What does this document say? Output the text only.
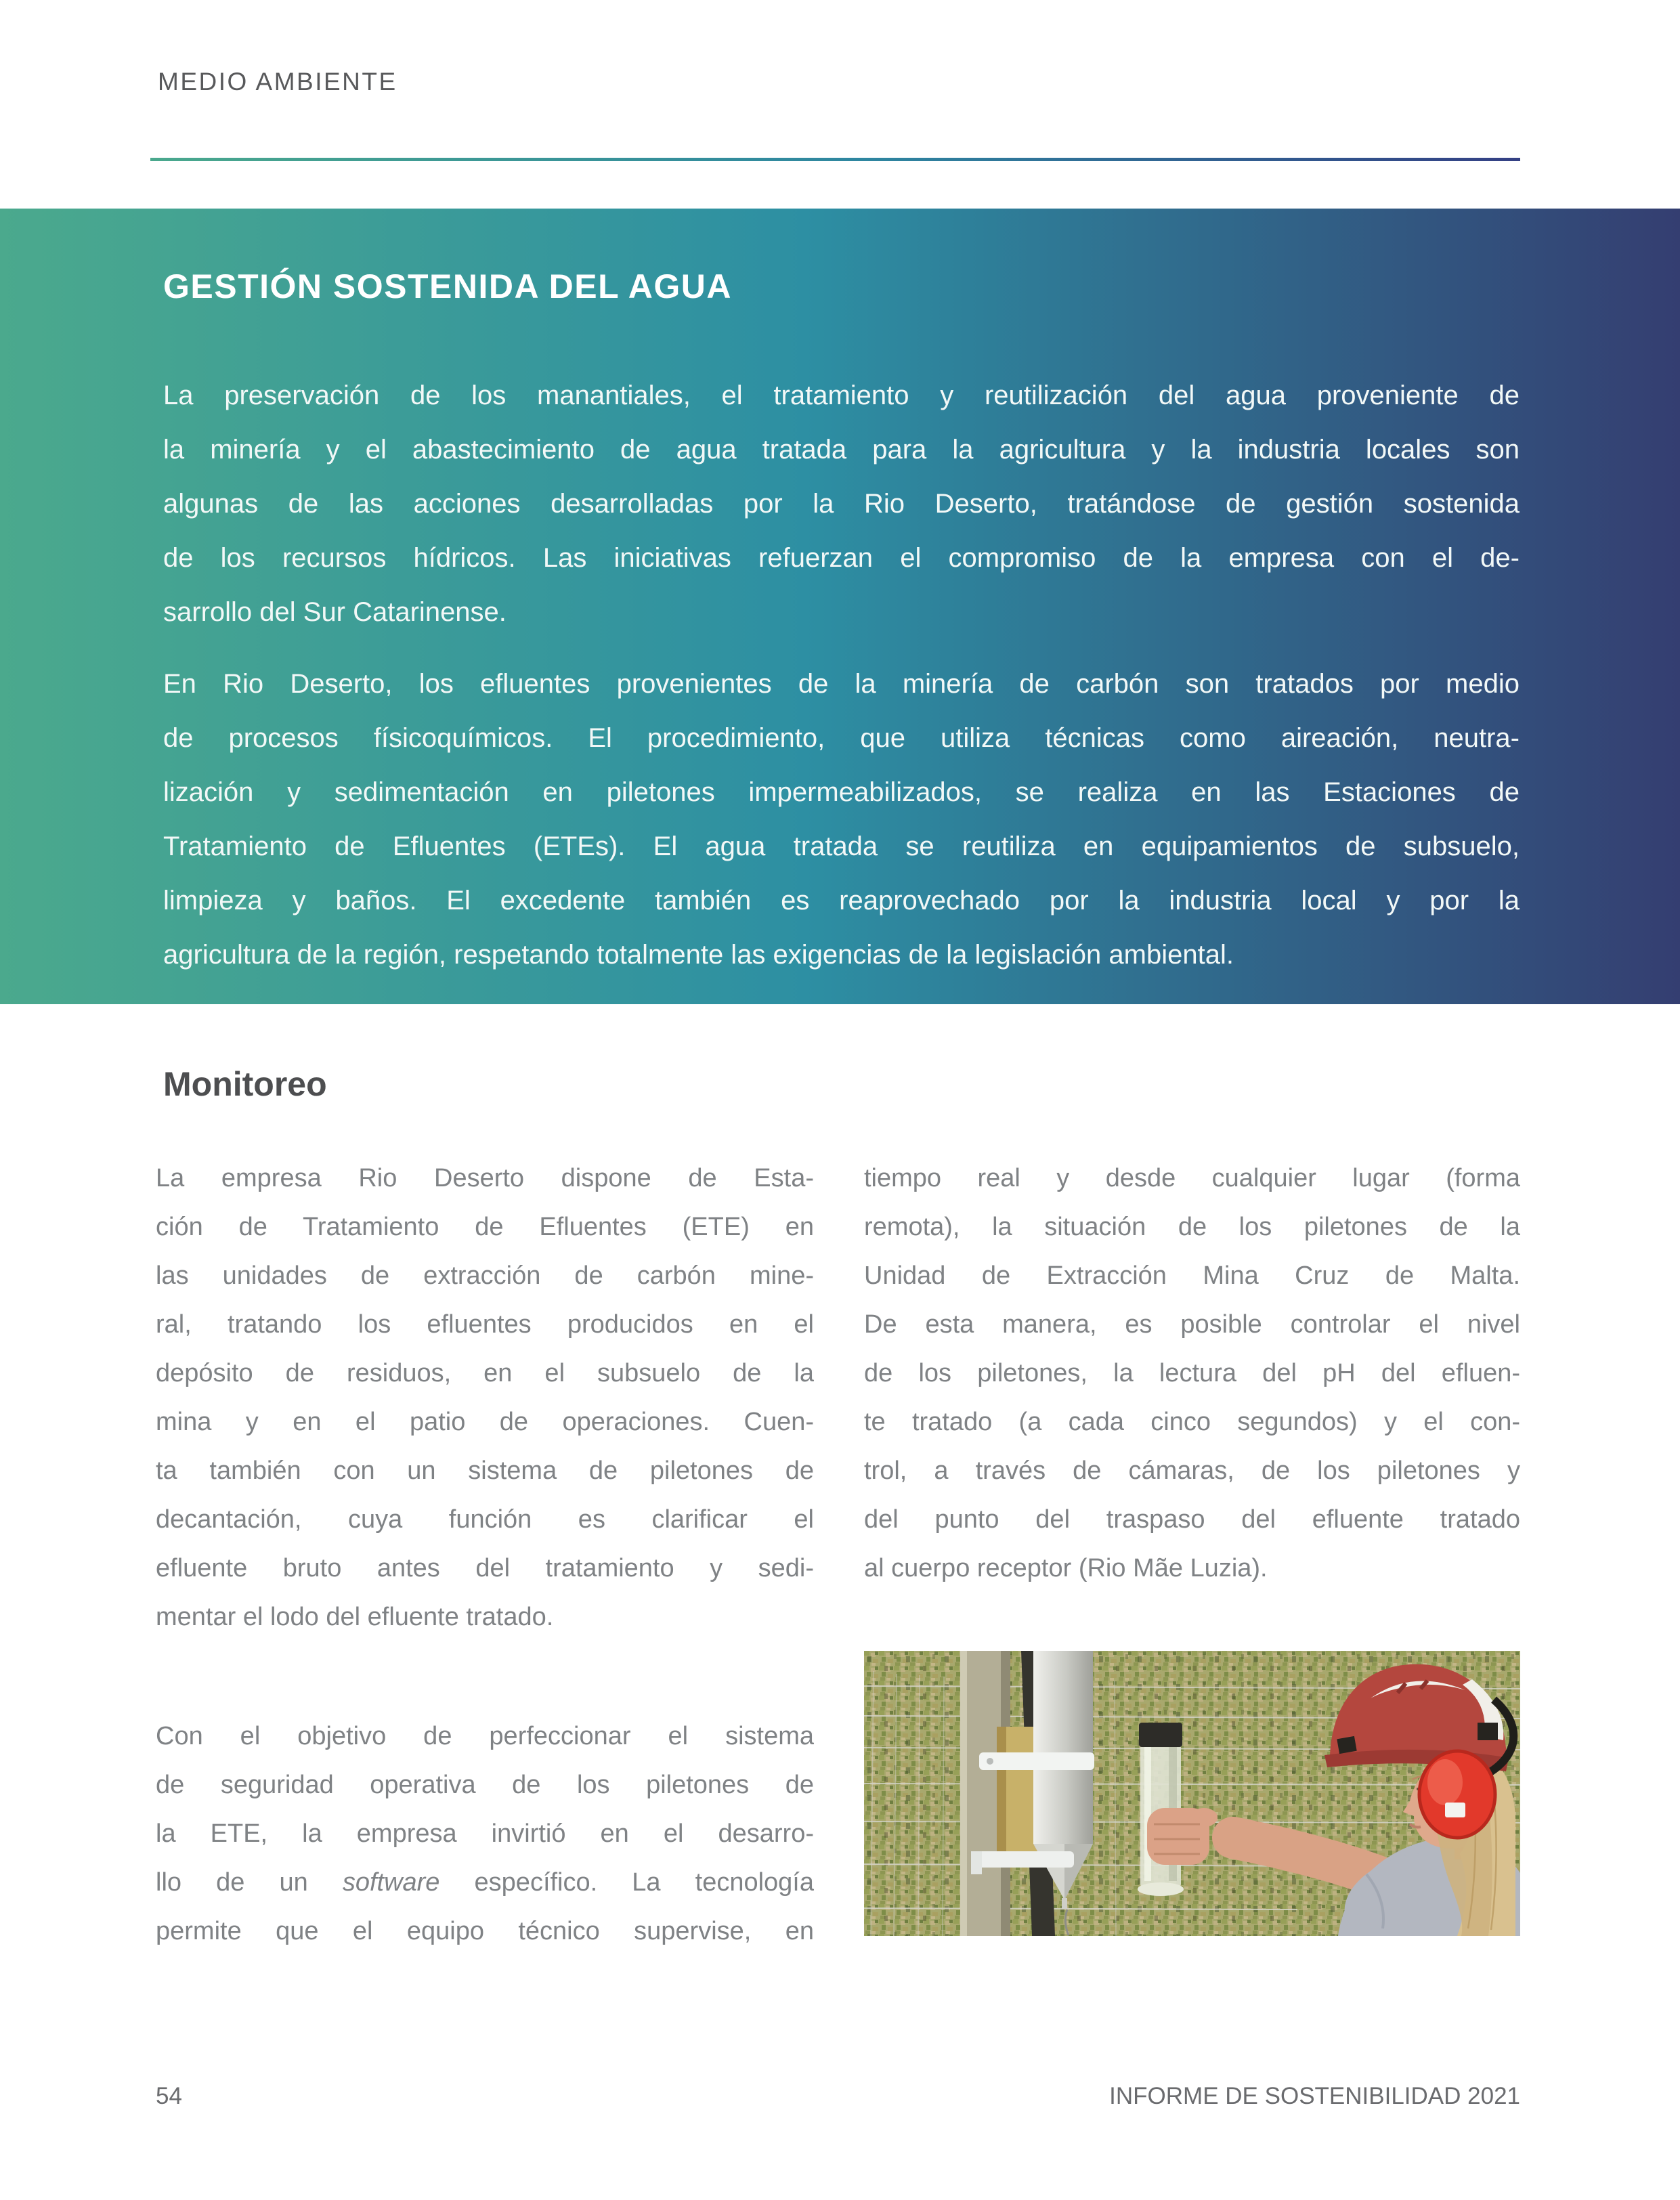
MEDIO AMBIENTE
GESTIÓN SOSTENIDA DEL AGUA
La preservación de los manantiales, el tratamiento y reutilización del agua proveniente de
la minería y el abastecimiento de agua tratada para la agricultura y la industria locales son
algunas de las acciones desarrolladas por la Rio Deserto, tratándose de gestión sostenida
de los recursos hídricos. Las iniciativas refuerzan el compromiso de la empresa con el de-
sarrollo del Sur Catarinense.
En Rio Deserto, los efluentes provenientes de la minería de carbón son tratados por medio
de procesos físicoquímicos. El procedimiento, que utiliza técnicas como aireación, neutra-
lización y sedimentación en piletones impermeabilizados, se realiza en las Estaciones de
Tratamiento de Efluentes (ETEs). El agua tratada se reutiliza en equipamientos de subsuelo,
limpieza y baños. El excedente también es reaprovechado por la industria local y por la
agricultura de la región, respetando totalmente las exigencias de la legislación ambiental.
Monitoreo
La empresa Rio Deserto dispone de Esta-
ción de Tratamiento de Efluentes (ETE) en
las unidades de extracción de carbón mine-
ral, tratando los efluentes producidos en el
depósito de residuos, en el subsuelo de la
mina y en el patio de operaciones. Cuen-
ta también con un sistema de piletones de
decantación, cuya función es clarificar el
efluente bruto antes del tratamiento y sedi-
mentar el lodo del efluente tratado.
Con el objetivo de perfeccionar el sistema
de seguridad operativa de los piletones de
la ETE, la empresa invirtió en el desarro-
llo de un software específico. La tecnología
permite que el equipo técnico supervise, en
tiempo real y desde cualquier lugar (forma
remota), la situación de los piletones de la
Unidad de Extracción Mina Cruz de Malta.
De esta manera, es posible controlar el nivel
de los piletones, la lectura del pH del efluen-
te tratado (a cada cinco segundos) y el con-
trol, a través de cámaras, de los piletones y
del punto del traspaso del efluente tratado
al cuerpo receptor (Rio Mãe Luzia).
54	INFORME DE SOSTENIBILIDAD 2021
